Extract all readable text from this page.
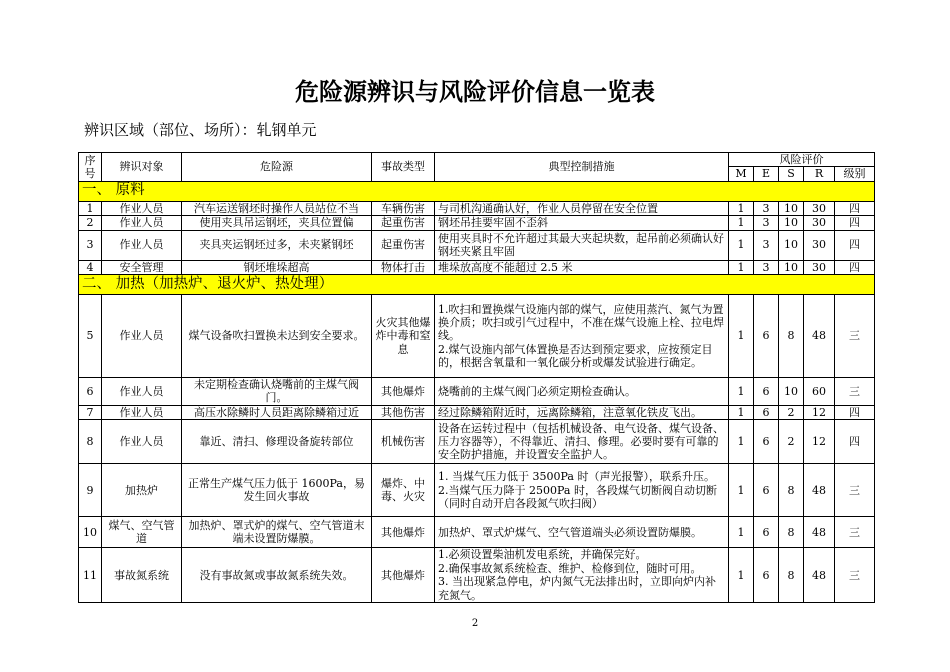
危险源辨识与风险评价信息一览表
辨识区域（部位、场所）：轧钢单元
序号	辨识对象	危险源	事故类型	典型控制措施	风险评价				
					M	E	S	R	级别
一、 原料									
1	作业人员	汽车运送钢坯时操作人员站位不当	车辆伤害	与司机沟通确认好，作业人员停留在安全位置	1	3	10	30	四
2	作业人员	使用夹具吊运钢坯，夹具位置偏	起重伤害	钢坯吊挂要牢固不歪斜	1	3	10	30	四
3	作业人员	夹具夹运钢坯过多，未夹紧钢坯	起重伤害	使用夹具时不允许超过其最大夹起块数，起吊前必须确认好钢坯夹紧且牢固	1	3	10	30	四
4	安全管理	钢坯堆垛超高	物体打击	堆垛放高度不能超过 2.5 米	1	3	10	30	四
二、 加热（加热炉、退火炉、热处理）									
5	作业人员	煤气设备吹扫置换未达到安全要求。	火灾其他爆炸中毒和窒息	1.吹扫和置换煤气设施内部的煤气，应使用蒸汽、氮气为置换介质；吹扫或引气过程中，不准在煤气设施上栓、拉电焊线。
2.煤气设施内部气体置换是否达到预定要求，应按预定目的，根据含氧量和一氧化碳分析或爆发试验进行确定。	1	6	8	48	三
6	作业人员	未定期检查确认烧嘴前的主煤气阀门。	其他爆炸	烧嘴前的主煤气阀门必须定期检查确认。	1	6	10	60	三
7	作业人员	高压水除鳞时人员距离除鳞箱过近	其他伤害	经过除鳞箱附近时，远离除鳞箱，注意氧化铁皮飞出。	1	6	2	12	四
8	作业人员	靠近、清扫、修理设备旋转部位	机械伤害	设备在运转过程中（包括机械设备、电气设备、煤气设备、压力容器等），不得靠近、清扫、修理。必要时要有可靠的安全防护措施，并设置安全监护人。	1	6	2	12	四
9	加热炉	正常生产煤气压力低于 1600Pa，易发生回火事故	爆炸、中毒、火灾	1. 当煤气压力低于 3500Pa 时（声光报警），联系升压。
2.当煤气压力降于 2500Pa 时，各段煤气切断阀自动切断（同时自动开启各段氮气吹扫阀）	1	6	8	48	三
10	煤气、空气管道	加热炉、罩式炉的煤气、空气管道末端未设置防爆膜。	其他爆炸	加热炉、罩式炉煤气、空气管道端头必须设置防爆膜。	1	6	8	48	三
11	事故氮系统	没有事故氮或事故氮系统失效。	其他爆炸	1.必须设置柴油机发电系统，并确保完好。
2.确保事故氮系统检查、维护、检修到位，随时可用。
3. 当出现紧急停电，炉内氮气无法排出时，立即向炉内补充氮气。	1	6	8	48	三
2
